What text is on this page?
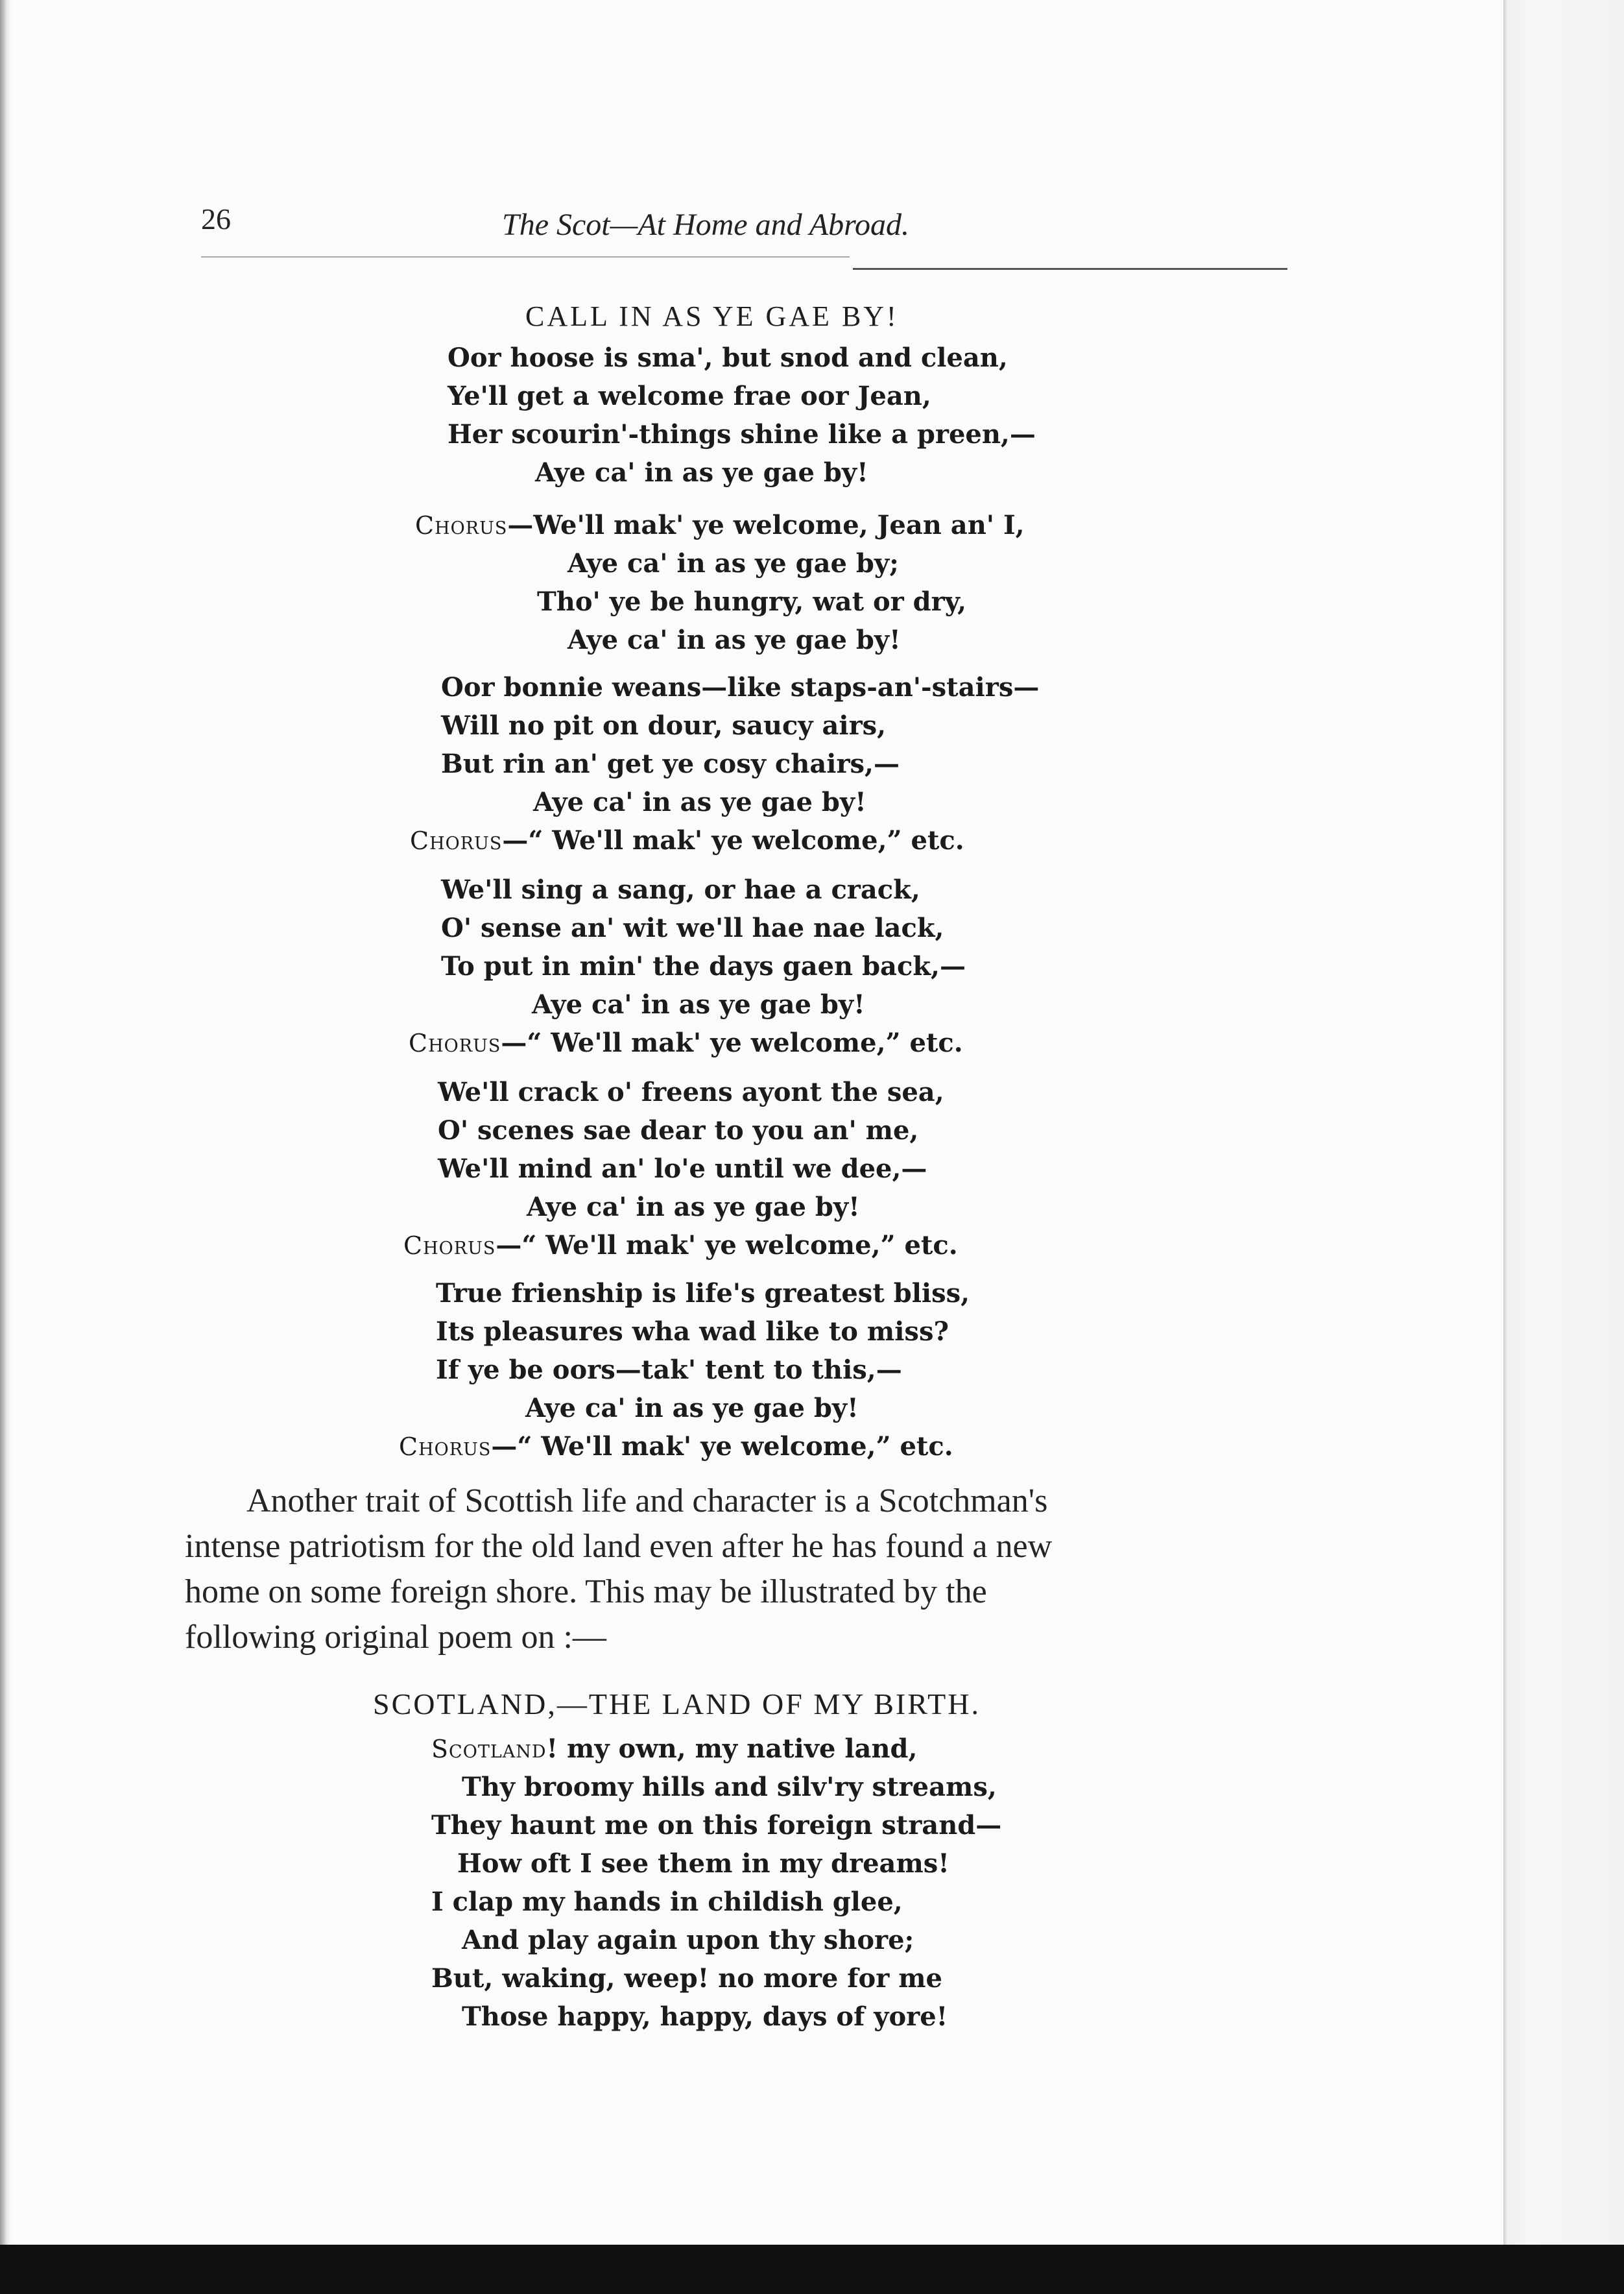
26	The Scot—At Home and Abroad.
CALL IN AS YE GAE BY!
Oor hoose is sma', but snod and clean,
Ye'll get a welcome frae oor Jean,
Her scourin'-things shine like a preen,—
Aye ca' in as ye gae by!
Chorus—We'll mak' ye welcome, Jean an' I,
Aye ca' in as ye gae by;
Tho' ye be hungry, wat or dry,
Aye ca' in as ye gae by!
Oor bonnie weans—like staps-an'-stairs—
Will no pit on dour, saucy airs,
But rin an' get ye cosy chairs,—
Aye ca' in as ye gae by!
Chorus—“ We'll mak' ye welcome,” etc.
We'll sing a sang, or hae a crack,
O' sense an' wit we'll hae nae lack,
To put in min' the days gaen back,—
Aye ca' in as ye gae by!
Chorus—“ We'll mak' ye welcome,” etc.
We'll crack o' freens ayont the sea,
O' scenes sae dear to you an' me,
We'll mind an' lo'e until we dee,—
Aye ca' in as ye gae by!
Chorus—“ We'll mak' ye welcome,” etc.
True frienship is life's greatest bliss,
Its pleasures wha wad like to miss?
If ye be oors—tak' tent to this,—
Aye ca' in as ye gae by!
Chorus—“ We'll mak' ye welcome,” etc.
Another trait of Scottish life and character is a Scotchman's
intense patriotism for the old land even after he has found a new
home on some foreign shore. This may be illustrated by the
following original poem on :—
SCOTLAND,—THE LAND OF MY BIRTH.
Scotland! my own, my native land,
Thy broomy hills and silv'ry streams,
They haunt me on this foreign strand—
How oft I see them in my dreams!
I clap my hands in childish glee,
And play again upon thy shore;
But, waking, weep! no more for me
Those happy, happy, days of yore!
